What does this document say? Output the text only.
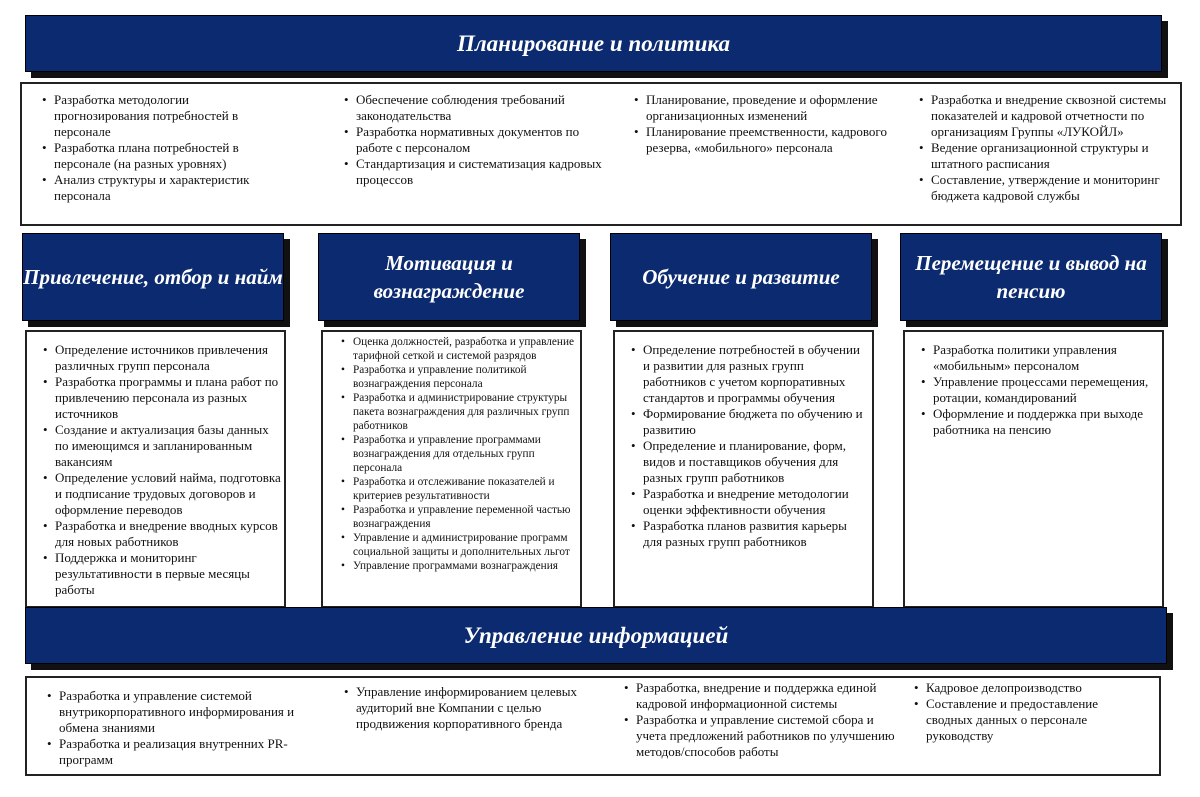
Планирование и политика
• Разработка методологии прогнозирования потребностей в персонале
• Разработка плана потребностей в персонале (на разных уровнях)
• Анализ структуры и характеристик персонала
• Обеспечение соблюдения требований законодательства
• Разработка нормативных документов по работе с персоналом
• Стандартизация и систематизация кадровых процессов
• Планирование, проведение и оформление организационных изменений
• Планирование преемственности, кадрового резерва, «мобильного» персонала
• Разработка и внедрение сквозной системы показателей и кадровой отчетности по организациям Группы «ЛУКОЙЛ»
• Ведение организационной структуры и штатного расписания
• Составление, утверждение и мониторинг бюджета кадровой службы
Привлечение, отбор и найм
• Определение источников привлечения различных групп персонала
• Разработка программы и плана работ по привлечению персонала из разных источников
• Создание и актуализация базы данных по имеющимся и запланированным вакансиям
• Определение условий найма, подготовка и подписание трудовых договоров и оформление переводов
• Разработка и внедрение вводных курсов для новых работников
• Поддержка и мониторинг результативности в первые месяцы работы
Мотивация и вознаграждение
• Оценка должностей, разработка и управление тарифной сеткой и системой разрядов
• Разработка и управление политикой вознаграждения персонала
• Разработка и администрирование структуры пакета вознаграждения для различных групп работников
• Разработка и управление программами вознаграждения для отдельных групп персонала
• Разработка и отслеживание показателей и критериев результативности
• Разработка и управление переменной частью вознаграждения
• Управление и администрирование программ социальной защиты и дополнительных льгот
• Управление программами вознаграждения
Обучение и развитие
• Определение потребностей в обучении и развитии для разных групп работников с учетом корпоративных стандартов и программы обучения
• Формирование бюджета по обучению и развитию
• Определение и планирование, форм, видов и поставщиков обучения для разных групп работников
• Разработка и внедрение методологии оценки эффективности обучения
• Разработка планов развития карьеры для разных групп работников
Перемещение и вывод на пенсию
• Разработка политики управления «мобильным» персоналом
• Управление процессами перемещения, ротации, командирований
• Оформление и поддержка при выходе работника на пенсию
Управление информацией
• Разработка и управление системой внутрикорпоративного информирования и обмена знаниями
• Разработка и реализация внутренних PR-программ
• Управление информированием целевых аудиторий вне Компании с целью продвижения корпоративного бренда
• Разработка, внедрение и поддержка единой кадровой информационной системы
• Разработка и управление системой сбора и учета предложений работников по улучшению методов/способов работы
• Кадровое делопроизводство
• Составление и предоставление сводных данных о персонале руководству
